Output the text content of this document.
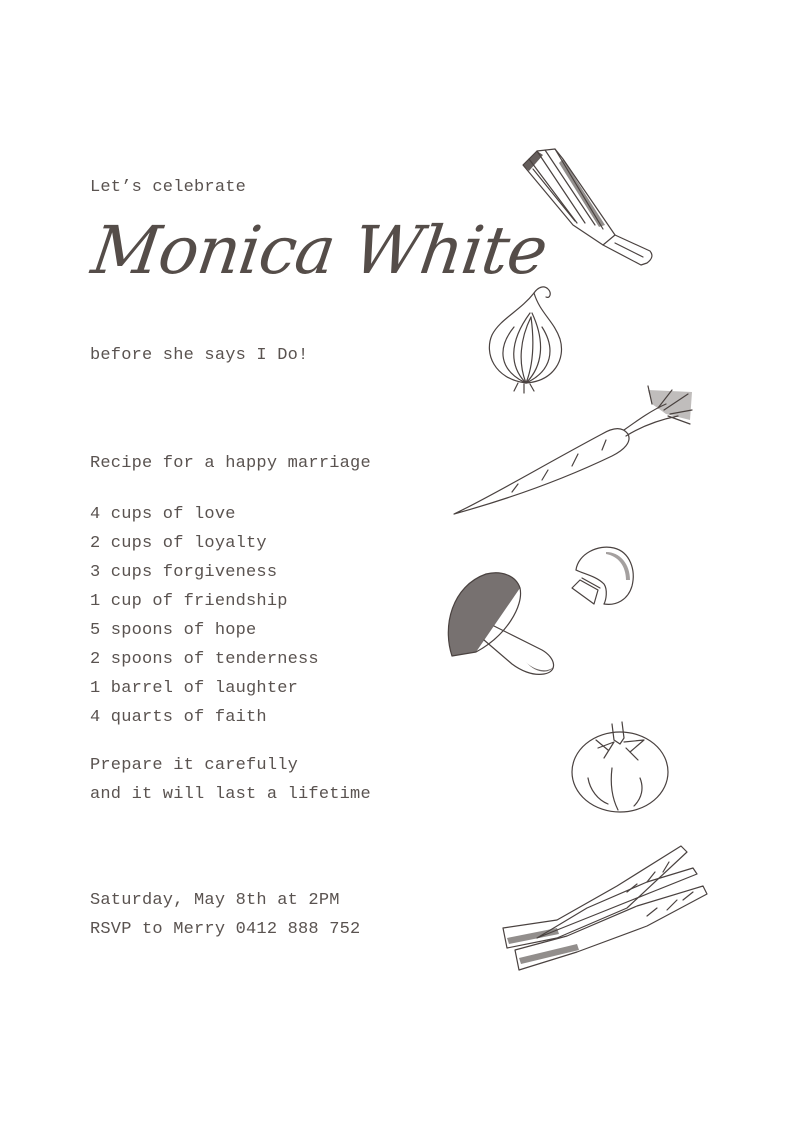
Let’s celebrate
Monica White
before she says I Do!
Recipe for a happy marriage
4 cups of love
2 cups of loyalty
3 cups forgiveness
1 cup of friendship
5 spoons of hope
2 spoons of tenderness
1 barrel of laughter
4 quarts of faith
Prepare it carefully
and it will last a lifetime
Saturday, May 8th at 2PM
RSVP to Merry 0412 888 752
